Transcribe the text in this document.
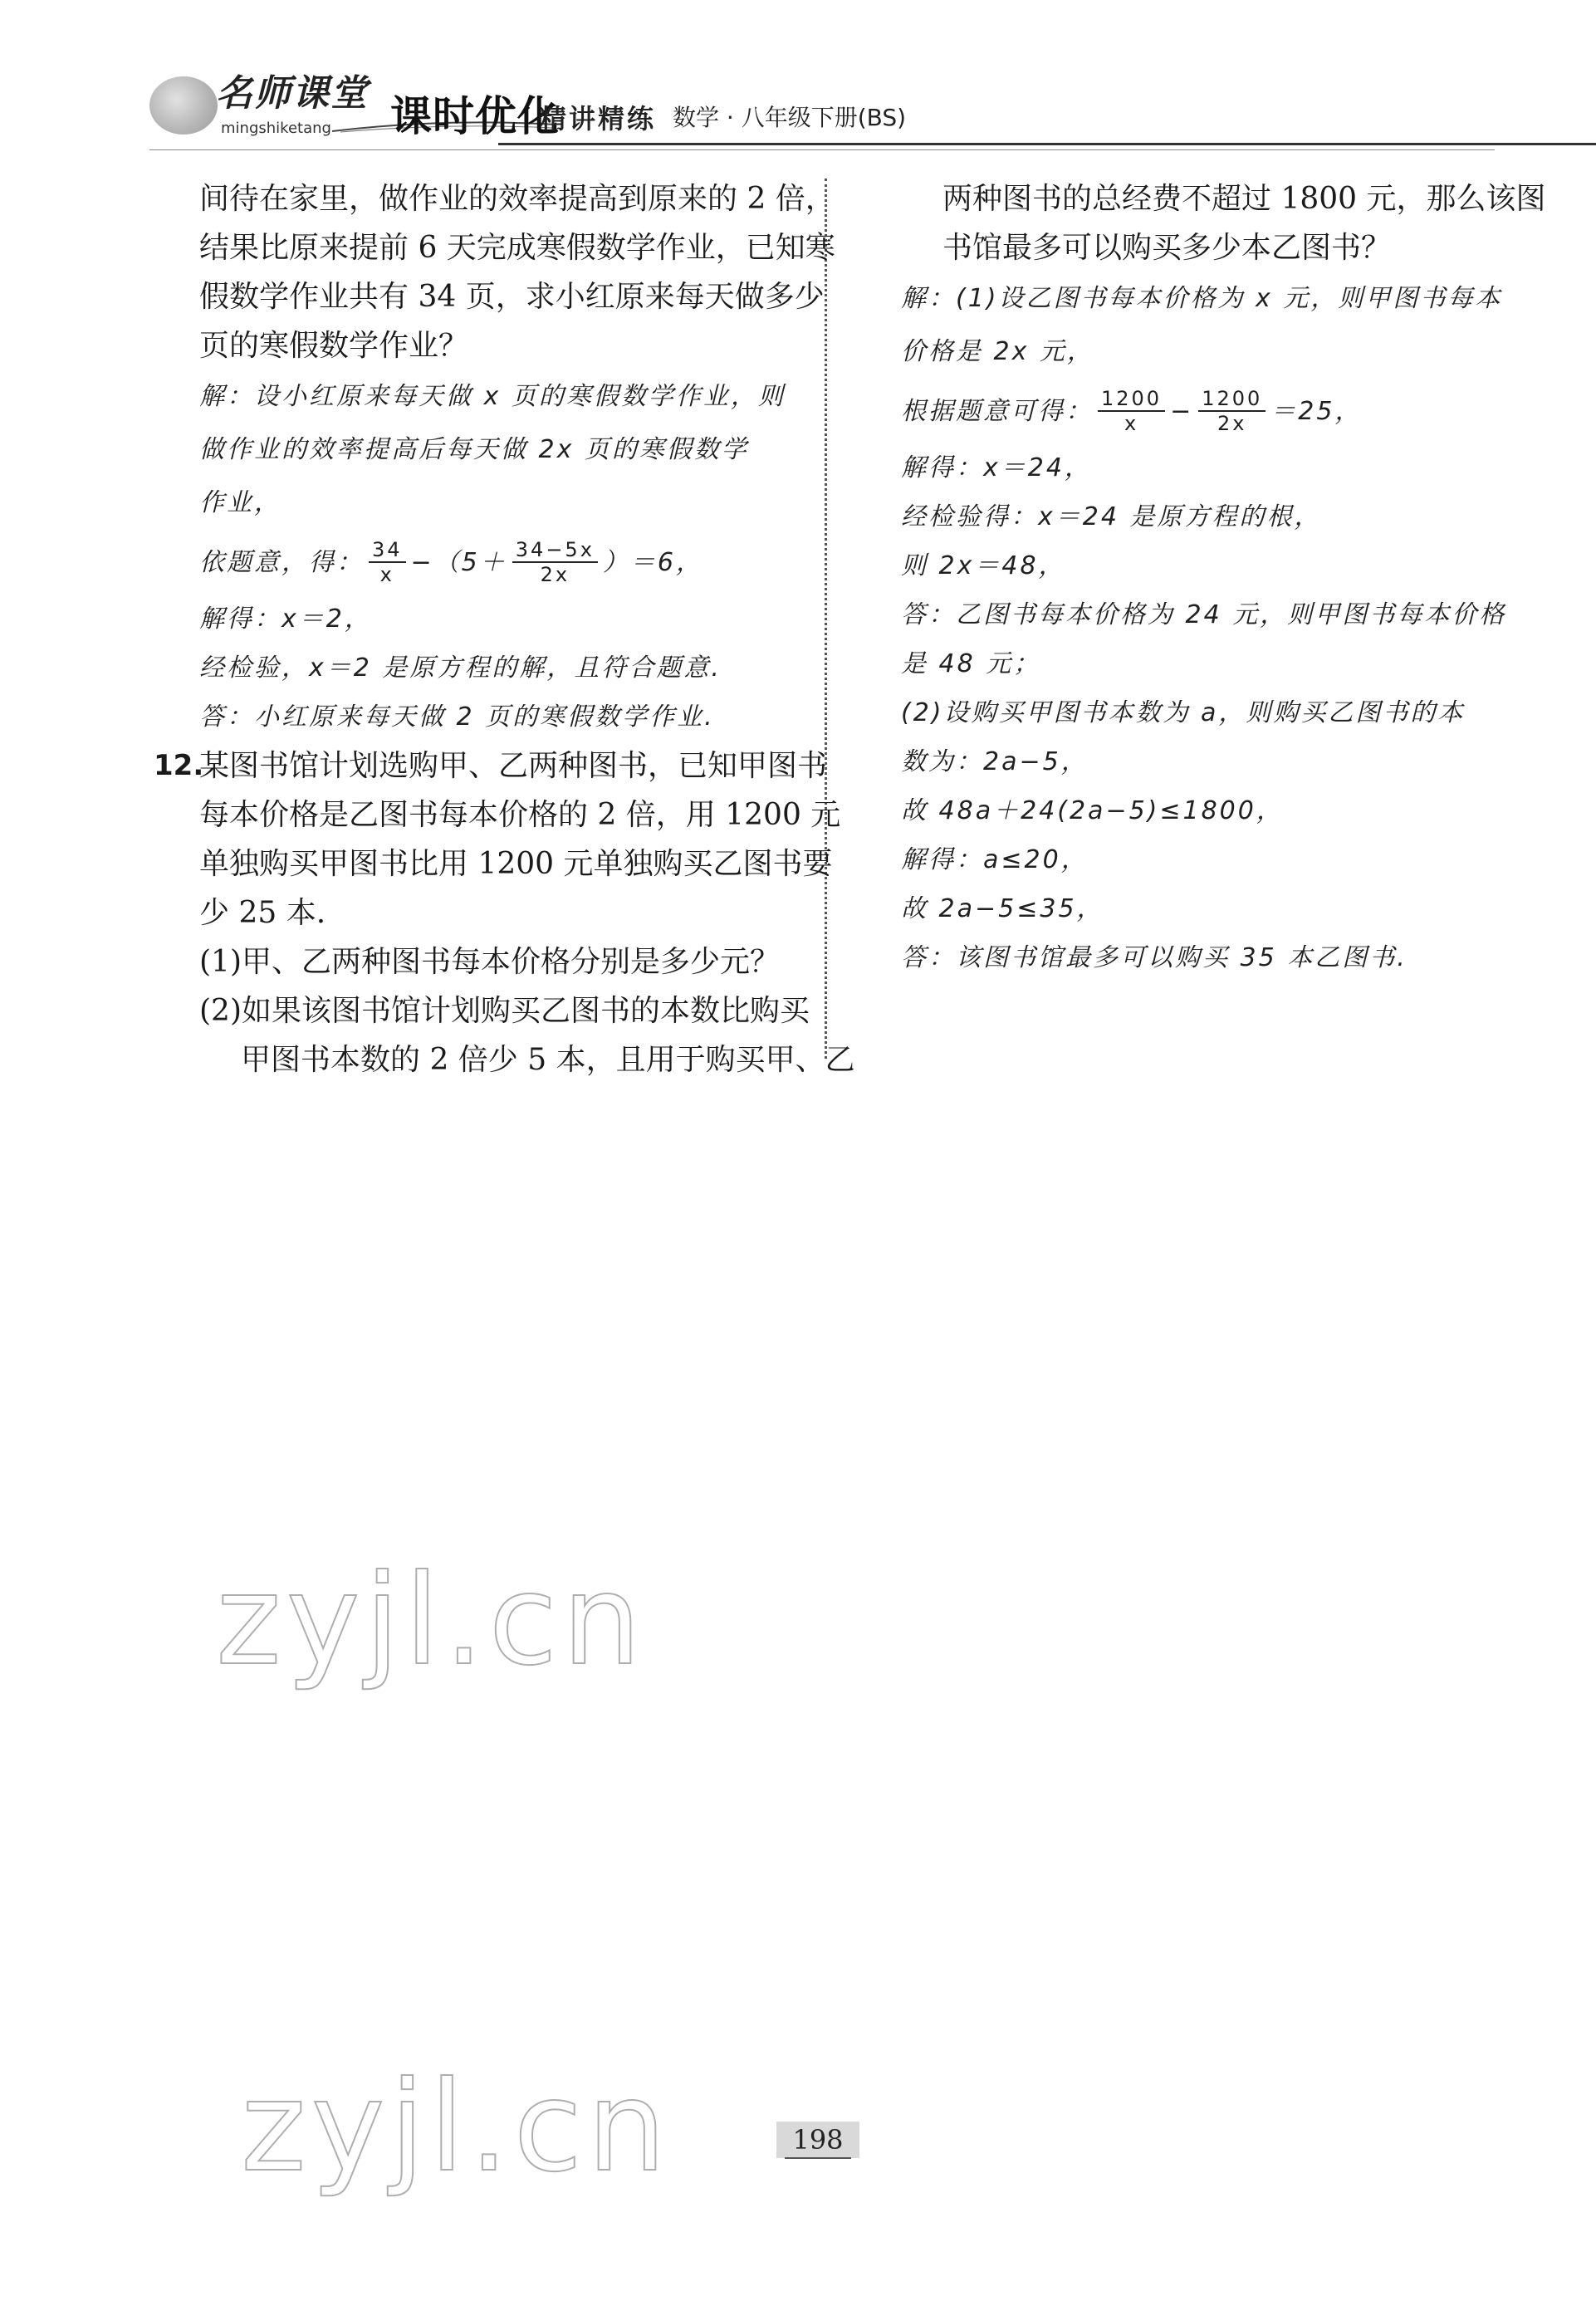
名师课堂
mingshiketang 课时优化
精讲精练 数学 · 八年级下册(BS)

间待在家里，做作业的效率提高到原来的 2 倍，

结果比原来提前 6 天完成寒假数学作业，已知寒

假数学作业共有 34 页，求小红原来每天做多少

页的寒假数学作业？

解：设小红原来每天做 x 页的寒假数学作业，则

做作业的效率提高后每天做 2x 页的寒假数学

作业，

依题意，得： $\frac{34}{x} -(5+ \frac{34-5x}{2x} )=6$，

解得：x＝2，

经检验，x＝2 是原方程的解，且符合题意.

答：小红原来每天做 2 页的寒假数学作业.

12.

某图书馆计划选购甲、乙两种图书，已知甲图书

每本价格是乙图书每本价格的 2 倍，用 1200 元

单独购买甲图书比用 1200 元单独购买乙图书要

少 25 本.

(1)甲、乙两种图书每本价格分别是多少元？

(2)如果该图书馆计划购买乙图书的本数比购买

甲图书本数的 2 倍少 5 本，且用于购买甲、乙

两种图书的总经费不超过 1800 元，那么该图

书馆最多可以购买多少本乙图书？

解：(1)设乙图书每本价格为 x 元，则甲图书每本

价格是 2x 元，

根据题意可得： $\frac{1200}{x} - \frac{1200}{2x} =25$，

解得：x＝24，

经检验得：x＝24 是原方程的根，

则 2x＝48，

答：乙图书每本价格为 24 元，则甲图书每本价格

是 48 元；

(2)设购买甲图书本数为 a，则购买乙图书的本

数为：2a−5，

故 48a＋24(2a−5)≤1800，

解得：a≤20，

故 2a−5≤35，

答：该图书馆最多可以购买 35 本乙图书.

zyjl.cn
zyjl.cn	198
